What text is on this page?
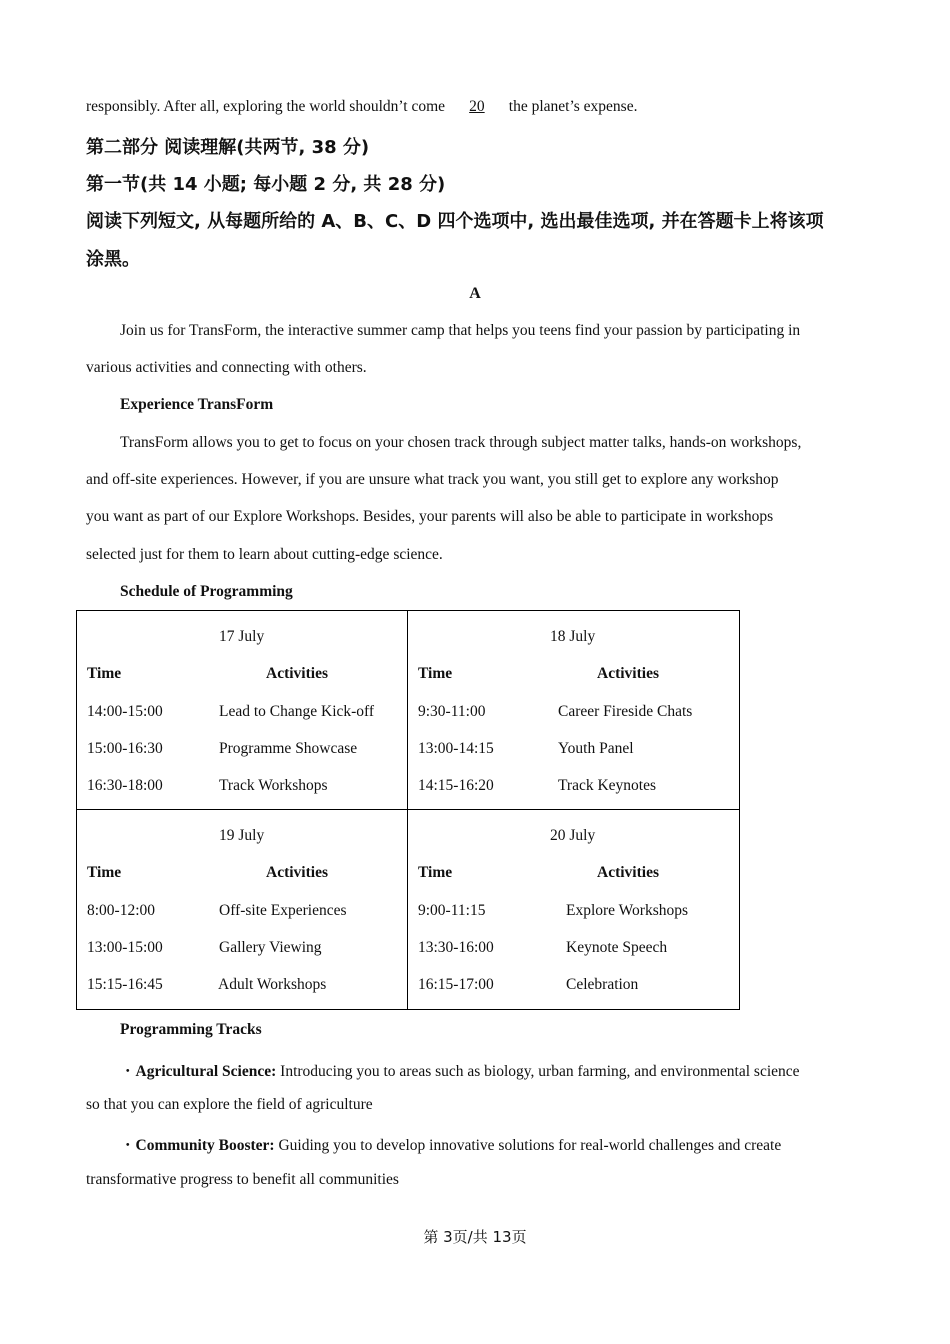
responsibly. After all, exploring the world shouldn’t come 20 the planet’s expense.
第二部分 阅读理解(共两节, 38 分)
第一节(共 14 小题; 每小题 2 分, 共 28 分)
阅读下列短文, 从每题所给的 A、B、C、D 四个选项中, 选出最佳选项, 并在答题卡上将该项
涂黑。
A
Join us for TransForm, the interactive summer camp that helps you teens find your passion by participating in
various activities and connecting with others.
Experience TransForm
TransForm allows you to get to focus on your chosen track through subject matter talks, hands-on workshops,
and off-site experiences. However, if you are unsure what track you want, you still get to explore any workshop
you want as part of our Explore Workshops. Besides, your parents will also be able to participate in workshops
selected just for them to learn about cutting-edge science.
Schedule of Programming
17 July
Time	Activities
14:00-15:00	Lead to Change Kick-off
15:00-16:30	Programme Showcase
16:30-18:00	Track Workshops
18 July
Time	Activities
9:30-11:00	Career Fireside Chats
13:00-14:15	Youth Panel
14:15-16:20	Track Keynotes
19 July
Time	Activities
8:00-12:00	Off-site Experiences
13:00-15:00	Gallery Viewing
15:15-16:45	Adult Workshops
20 July
Time	Activities
9:00-11:15	Explore Workshops
13:30-16:00	Keynote Speech
16:15-17:00	Celebration
Programming Tracks
・Agricultural Science: Introducing you to areas such as biology, urban farming, and environmental science
so that you can explore the field of agriculture
・Community Booster: Guiding you to develop innovative solutions for real-world challenges and create
transformative progress to benefit all communities
第 3页/共 13页
